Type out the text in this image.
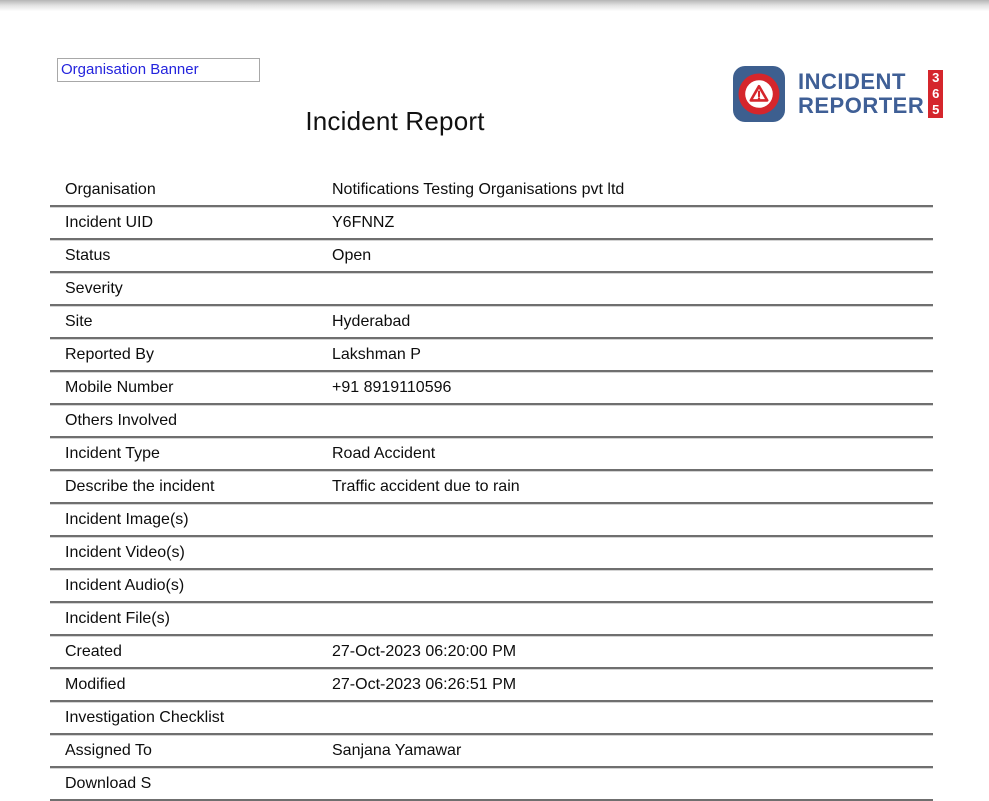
Organisation Banner
Incident Report
INCIDENT
REPORTER
3
6
5
Organisation	Notifications Testing Organisations pvt ltd
Incident UID	Y6FNNZ
Status	Open
Severity
Site	Hyderabad
Reported By	Lakshman P
Mobile Number	+91 8919110596
Others Involved
Incident Type	Road Accident
Describe the incident	Traffic accident due to rain
Incident Image(s)
Incident Video(s)
Incident Audio(s)
Incident File(s)
Created	27-Oct-2023 06:20:00 PM
Modified	27-Oct-2023 06:26:51 PM
Investigation Checklist
Assigned To	Sanjana Yamawar
Download S
